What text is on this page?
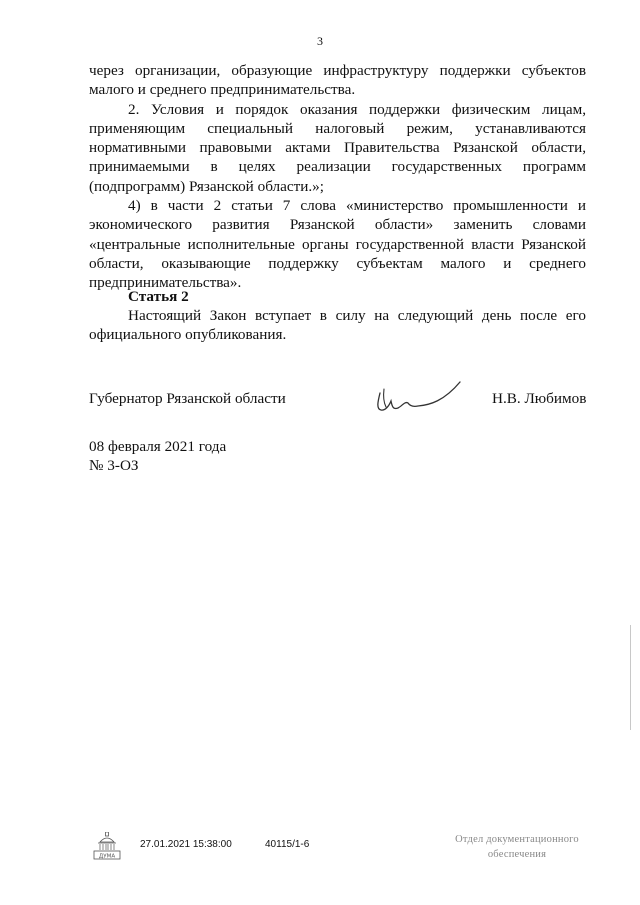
3

через организации, образующие инфраструктуру поддержки субъектов малого и среднего предпринимательства.

2. Условия и порядок оказания поддержки физическим лицам, применяющим специальный налоговый режим, устанавливаются нормативными правовыми актами Правительства Рязанской области, принимаемыми в целях реализации государственных программ (подпрограмм) Рязанской области.»;

4) в части 2 статьи 7 слова «министерство промышленности и экономического развития Рязанской области» заменить словами «центральные исполнительные органы государственной власти Рязанской области, оказывающие поддержку субъектам малого и среднего предпринимательства».

Статья 2

Настоящий Закон вступает в силу на следующий день после его официального опубликования.

Губернатор Рязанской области	Н.В. Любимов
08 февраля 2021 года
№ 3-ОЗ
ДУМА
27.01.2021 15:38:00	40115/1-6	Отдел документационного
обеспечения
